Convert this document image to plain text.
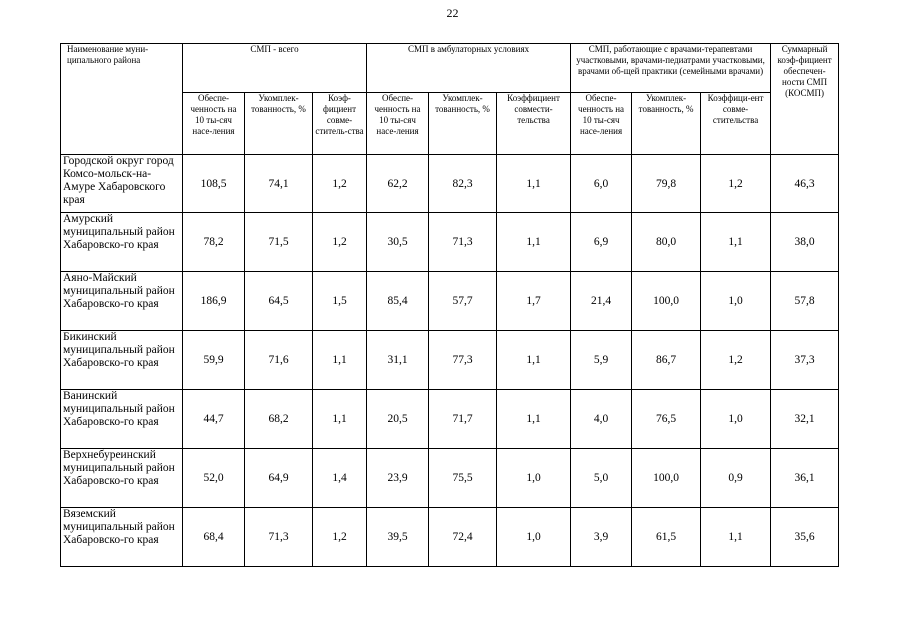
22
Наименование муни-ципального района	СМП - всего			СМП в амбулаторных условиях			СМП, работающие с врачами-терапевтами участковыми, врачами-педиатрами участковыми, врачами об-щей практики (семейными врачами)			Суммарный коэф-фициент обеспечен-ности СМП (КОСМП)
	Обеспе-ченность на 10 ты-сяч насе-ления	Укомплек-тованность, %	Коэф-фициент совме-ститель-ства	Обеспе-ченность на 10 ты-сяч насе-ления	Укомплек-тованность, %	Коэффициент совмести-тельства	Обеспе-ченность на 10 ты-сяч насе-ления	Укомплек-тованность, %	Коэффици-ент совме-стительства	
Городской округ город Комсо-мольск-на-Амуре Хабаровского края	108,5	74,1	1,2	62,2	82,3	1,1	6,0	79,8	1,2	46,3
Амурский муниципальный район Хабаровско-го края	78,2	71,5	1,2	30,5	71,3	1,1	6,9	80,0	1,1	38,0
Аяно-Майский муниципальный район Хабаровско-го края	186,9	64,5	1,5	85,4	57,7	1,7	21,4	100,0	1,0	57,8
Бикинский муниципальный район Хабаровско-го края	59,9	71,6	1,1	31,1	77,3	1,1	5,9	86,7	1,2	37,3
Ванинский муниципальный район Хабаровско-го края	44,7	68,2	1,1	20,5	71,7	1,1	4,0	76,5	1,0	32,1
Верхнебуреинский муниципальный район Хабаровско-го края	52,0	64,9	1,4	23,9	75,5	1,0	5,0	100,0	0,9	36,1
Вяземский муниципальный район Хабаровско-го края	68,4	71,3	1,2	39,5	72,4	1,0	3,9	61,5	1,1	35,6
